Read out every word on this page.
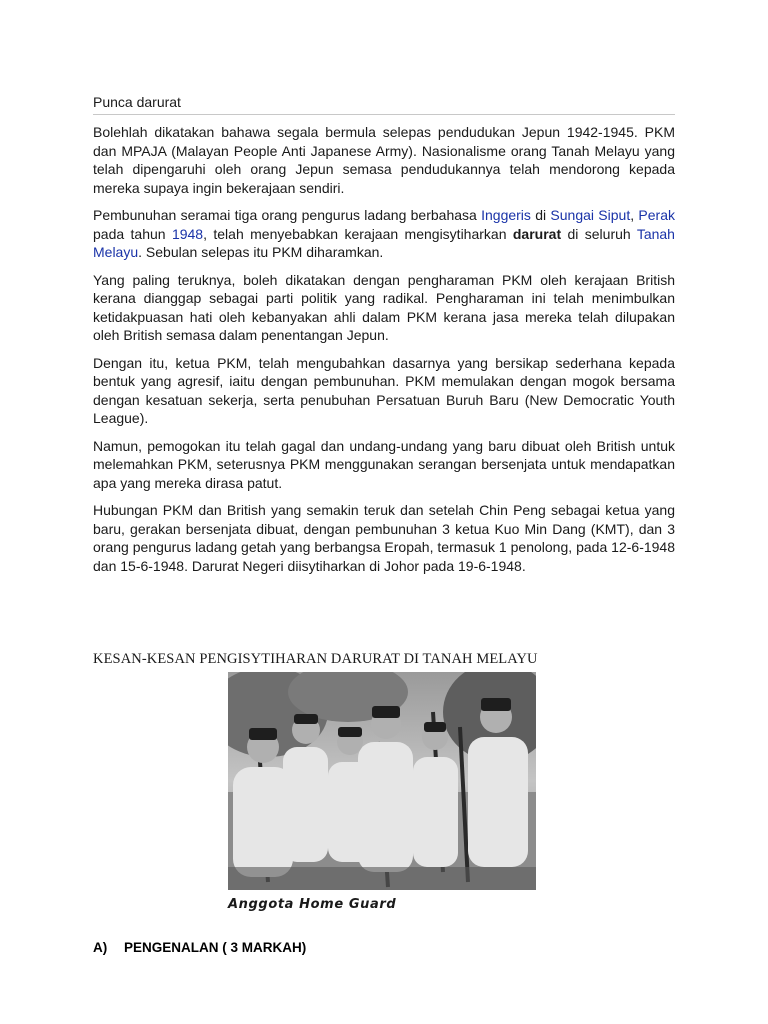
Punca darurat

Bolehlah dikatakan bahawa segala bermula selepas pendudukan Jepun 1942-1945. PKM dan MPAJA (Malayan People Anti Japanese Army). Nasionalisme orang Tanah Melayu yang telah dipengaruhi oleh orang Jepun semasa pendudukannya telah mendorong kepada mereka supaya ingin bekerajaan sendiri.

Pembunuhan seramai tiga orang pengurus ladang berbahasa Inggeris di Sungai Siput, Perak pada tahun 1948, telah menyebabkan kerajaan mengisytiharkan darurat di seluruh Tanah Melayu. Sebulan selepas itu PKM diharamkan.

Yang paling teruknya, boleh dikatakan dengan pengharaman PKM oleh kerajaan British kerana dianggap sebagai parti politik yang radikal. Pengharaman ini telah menimbulkan ketidakpuasan hati oleh kebanyakan ahli dalam PKM kerana jasa mereka telah dilupakan oleh British semasa dalam penentangan Jepun.

Dengan itu, ketua PKM, telah mengubahkan dasarnya yang bersikap sederhana kepada bentuk yang agresif, iaitu dengan pembunuhan. PKM memulakan dengan mogok bersama dengan kesatuan sekerja, serta penubuhan Persatuan Buruh Baru (New Democratic Youth League).

Namun, pemogokan itu telah gagal dan undang-undang yang baru dibuat oleh British untuk melemahkan PKM, seterusnya PKM menggunakan serangan bersenjata untuk mendapatkan apa yang mereka dirasa patut.

Hubungan PKM dan British yang semakin teruk dan setelah Chin Peng sebagai ketua yang baru, gerakan bersenjata dibuat, dengan pembunuhan 3 ketua Kuo Min Dang (KMT), dan 3 orang pengurus ladang getah yang berbangsa Eropah, termasuk 1 penolong, pada 12-6-1948 dan 15-6-1948. Darurat Negeri diisytiharkan di Johor pada 19-6-1948.

KESAN-KESAN PENGISYTIHARAN DARURAT DI TANAH MELAYU
Anggota Home Guard
A) PENGENALAN ( 3 MARKAH)
